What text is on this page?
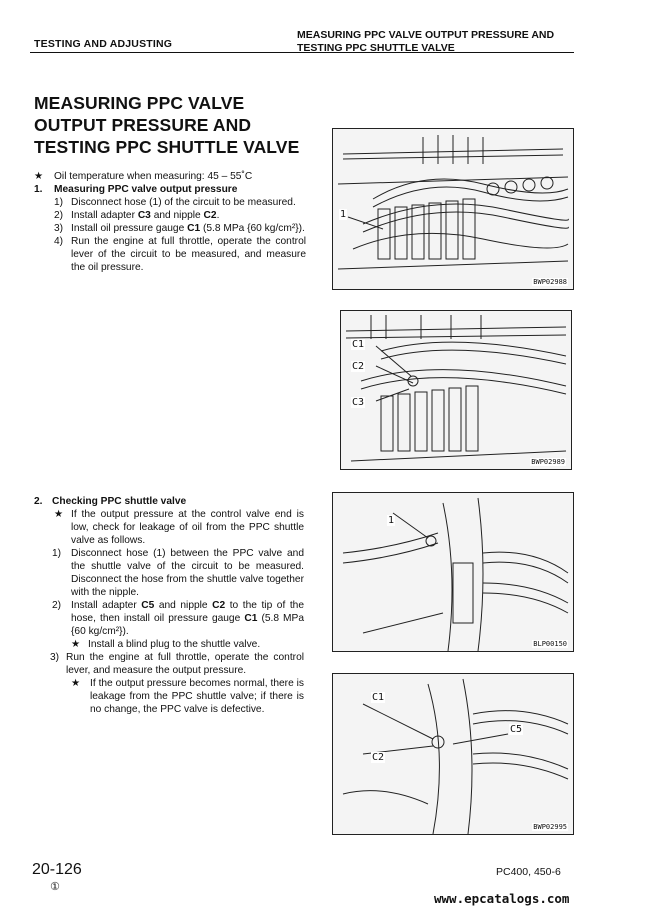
TESTING AND ADJUSTING
MEASURING PPC VALVE OUTPUT PRESSURE AND
TESTING PPC SHUTTLE VALVE
MEASURING PPC VALVE
OUTPUT PRESSURE AND
TESTING PPC SHUTTLE VALVE
★ Oil temperature when measuring: 45 – 55˚C
1. Measuring PPC valve output pressure
1) Disconnect hose (1) of the circuit to be measured.
2) Install adapter C3 and nipple C2.
3) Install oil pressure gauge C1 (5.8 MPa {60 kg/cm²}).
4) Run the engine at full throttle, operate the control lever of the circuit to be measured, and measure the oil pressure.
2. Checking PPC shuttle valve
★ If the output pressure at the control valve end is low, check for leakage of oil from the PPC shuttle valve as follows.
1) Disconnect hose (1) between the PPC valve and the shuttle valve of the circuit to be measured. Disconnect the hose from the shuttle valve together with the nipple.
2) Install adapter C5 and nipple C2 to the tip of the hose, then install oil pressure gauge C1 (5.8 MPa {60 kg/cm²}).
★ Install a blind plug to the shuttle valve.
3) Run the engine at full throttle, operate the control lever, and measure the output pressure.
★ If the output pressure becomes normal, there is leakage from the PPC shuttle valve; if there is no change, the PPC valve is defective.
1
BWP02988
C1
C2
C3
BWP02989
1
BLP00150
C1
C5
C2
BWP02995
20-126
①
PC400, 450-6
www.epcatalogs.com
